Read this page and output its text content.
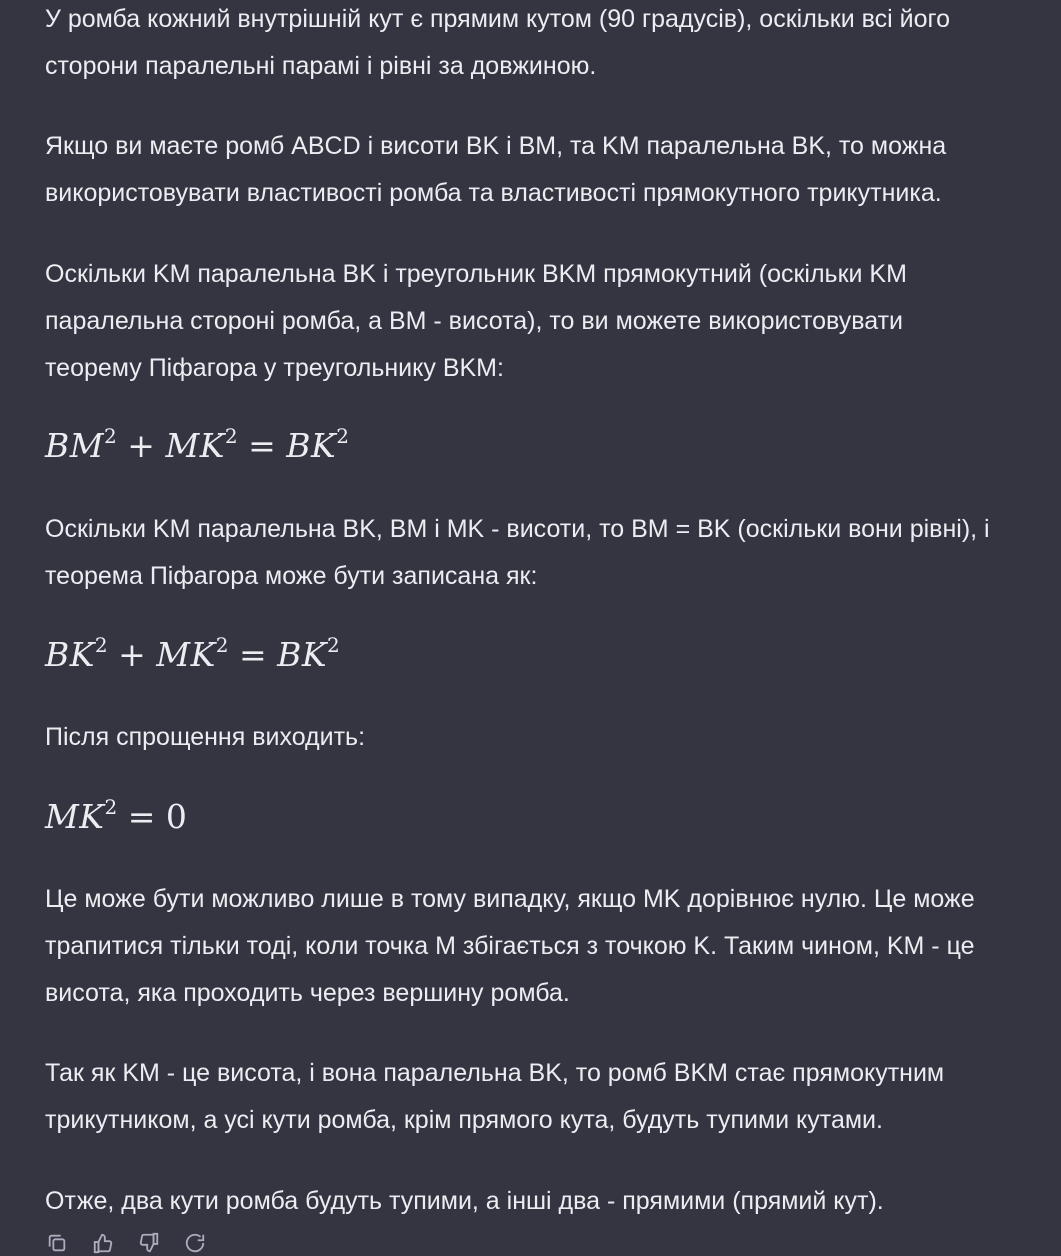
У ромба кожний внутрішній кут є прямим кутом (90 градусів), оскільки всі його
сторони паралельні парамі і рівні за довжиною.

Якщо ви маєте ромб ABCD і висоти BK і BM, та KM паралельна BK, то можна
використовувати властивості ромба та властивості прямокутного трикутника.

Оскільки KM паралельна BK і треугольник BKM прямокутний (оскільки KM
паралельна стороні ромба, а BM - висота), то ви можете використовувати
теорему Піфагора у треугольнику BKM:

$BM^2 + MK^2 = BK^2$

Оскільки KM паралельна BK, BM і MK - висоти, то BM = BK (оскільки вони рівні), і
теорема Піфагора може бути записана як:

$BK^2 + MK^2 = BK^2$

Після спрощення виходить:

$MK^2 = 0$

Це може бути можливо лише в тому випадку, якщо MK дорівнює нулю. Це може
трапитися тільки тоді, коли точка M збігається з точкою K. Таким чином, KM - це
висота, яка проходить через вершину ромба.

Так як KM - це висота, і вона паралельна BK, то ромб BKM стає прямокутним
трикутником, а усі кути ромба, крім прямого кута, будуть тупими кутами.

Отже, два кути ромба будуть тупими, а інші два - прямими (прямий кут).
